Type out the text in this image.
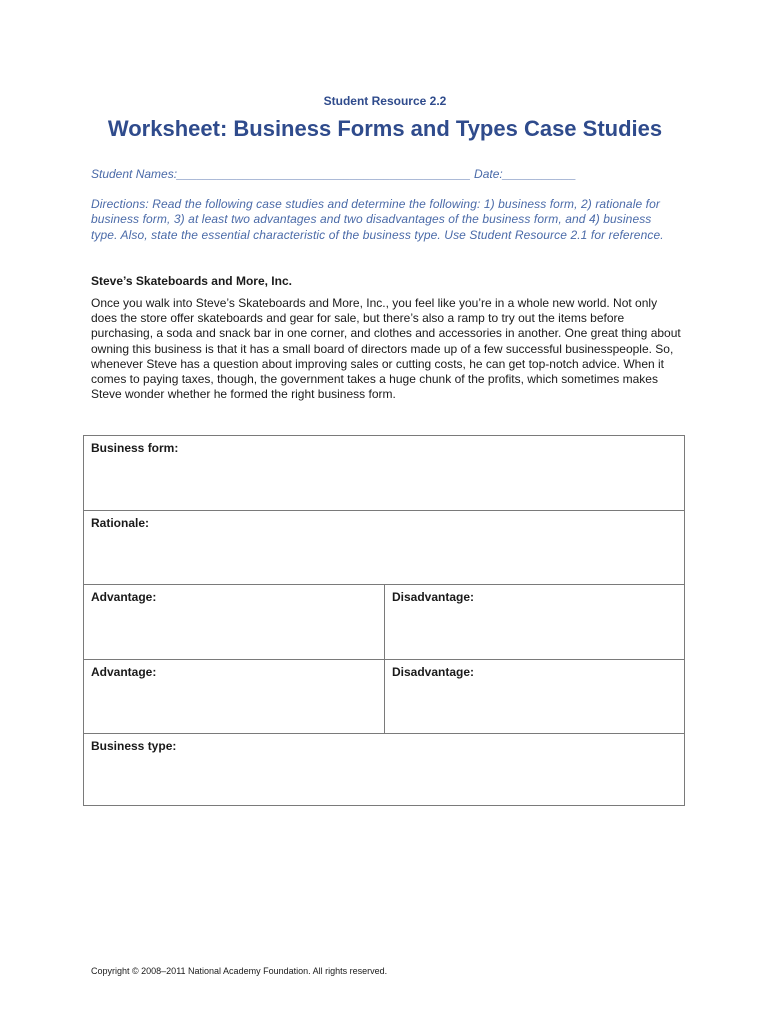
Student Resource 2.2
Worksheet: Business Forms and Types Case Studies
Student Names:____________________________________________ Date:___________
Directions: Read the following case studies and determine the following: 1) business form, 2) rationale for business form, 3) at least two advantages and two disadvantages of the business form, and 4) business type. Also, state the essential characteristic of the business type. Use Student Resource 2.1 for reference.
Steve’s Skateboards and More, Inc.
Once you walk into Steve’s Skateboards and More, Inc., you feel like you’re in a whole new world. Not only does the store offer skateboards and gear for sale, but there’s also a ramp to try out the items before purchasing, a soda and snack bar in one corner, and clothes and accessories in another. One great thing about owning this business is that it has a small board of directors made up of a few successful businesspeople. So, whenever Steve has a question about improving sales or cutting costs, he can get top-notch advice. When it comes to paying taxes, though, the government takes a huge chunk of the profits, which sometimes makes Steve wonder whether he formed the right business form.
Business form:
Rationale:
Advantage:	Disadvantage:
Advantage:	Disadvantage:
Business type:
Copyright © 2008–2011 National Academy Foundation. All rights reserved.
